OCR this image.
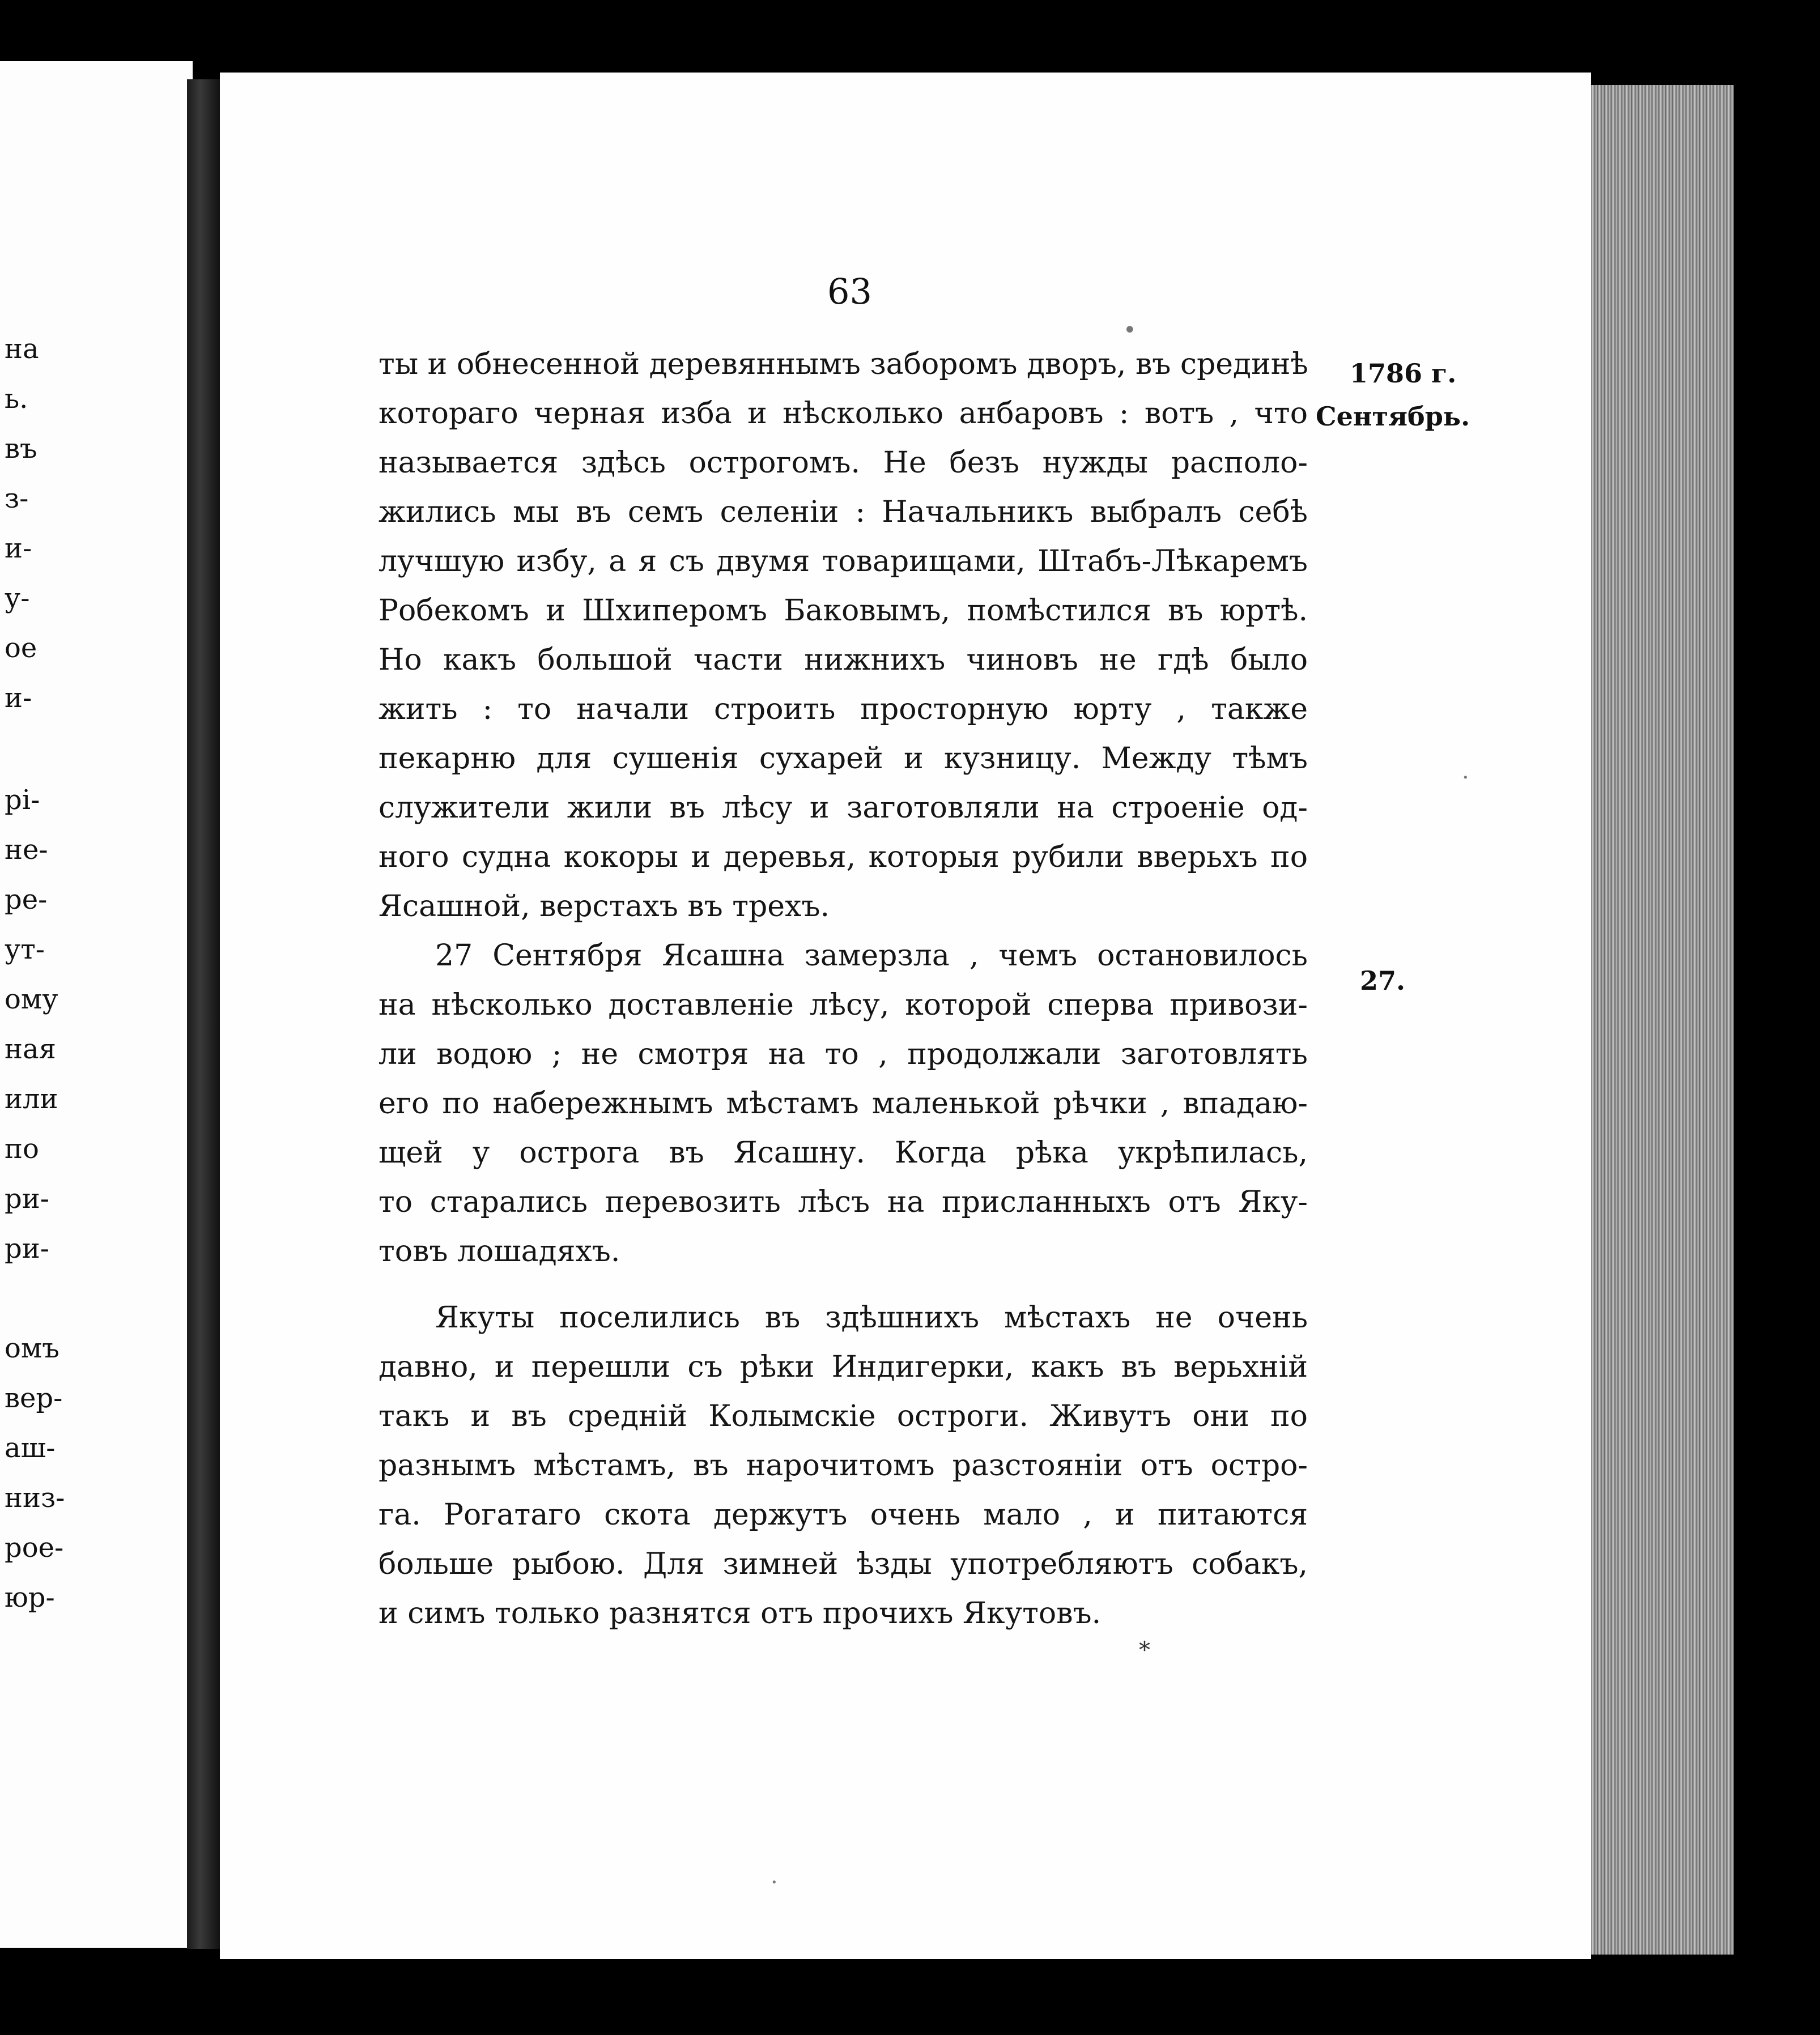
на
ь.
въ
з-
и-
у-
ое
и-
рі-
не-
ре-
ут-
ому
ная
или
по
ри-
ри-
омъ
вер-
аш-
низ-
рое-
юр-
63
1786 г.
Сентябрь.
27.
•
·
·
ты и обнесенной деревяннымъ заборомъ дворъ, въ срединѣ
котораго черная изба и нѣсколько анбаровъ : вотъ , что
называется здѣсь острогомъ. Не безъ нужды располо-
жились мы въ семъ селеніи : Начальникъ выбралъ себѣ
лучшую избу, а я съ двумя товарищами, Штабъ-Лѣкаремъ
Робекомъ и Шхиперомъ Баковымъ, помѣстился въ юртѣ.
Но какъ большой части нижнихъ чиновъ не гдѣ было
жить : то начали строить просторную юрту , также
пекарню для сушенія сухарей и кузницу. Между тѣмъ
служители жили въ лѣсу и заготовляли на строеніе од-
ного судна кокоры и деревья, которыя рубили вверьхъ по
Ясашной, верстахъ въ трехъ.
27 Сентября Ясашна замерзла , чемъ остановилось
на нѣсколько доставленіе лѣсу, которой сперва привози-
ли водою ; не смотря на то , продолжали заготовлять
его по набережнымъ мѣстамъ маленькой рѣчки , впадаю-
щей у острога въ Ясашну. Когда рѣка укрѣпилась,
то старались перевозить лѣсъ на присланныхъ отъ Яку-
товъ лошадяхъ.
Якуты поселились въ здѣшнихъ мѣстахъ не очень
давно, и перешли съ рѣки Индигерки, какъ въ верьхній
такъ и въ средній Колымскіе остроги. Живутъ они по
разнымъ мѣстамъ, въ нарочитомъ разстояніи отъ остро-
га. Рогатаго скота держутъ очень мало , и питаются
больше рыбою. Для зимней ѣзды употребляютъ собакъ,
и симъ только разнятся отъ прочихъ Якутовъ.
*
